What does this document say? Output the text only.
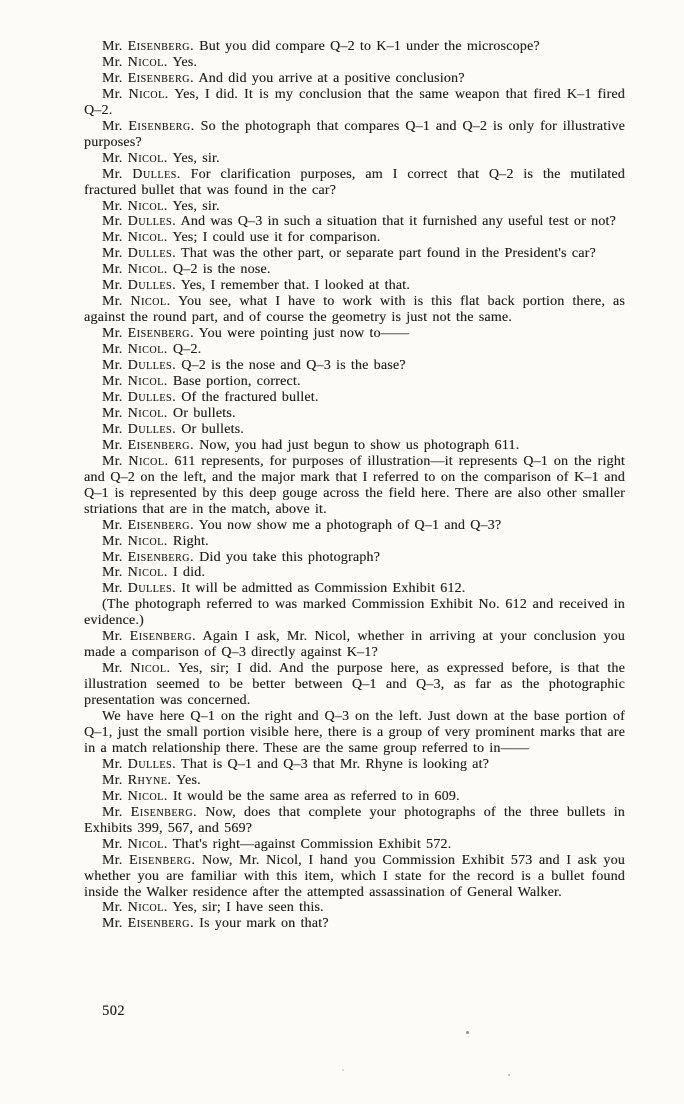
Mr. Eisenberg. But you did compare Q–2 to K–1 under the microscope?

Mr. Nicol. Yes.

Mr. Eisenberg. And did you arrive at a positive conclusion?

Mr. Nicol. Yes, I did. It is my conclusion that the same weapon that fired K–1 fired Q–2.

Mr. Eisenberg. So the photograph that compares Q–1 and Q–2 is only for illustrative purposes?

Mr. Nicol. Yes, sir.

Mr. Dulles. For clarification purposes, am I correct that Q–2 is the mutilated fractured bullet that was found in the car?

Mr. Nicol. Yes, sir.

Mr. Dulles. And was Q–3 in such a situation that it furnished any useful test or not?

Mr. Nicol. Yes; I could use it for comparison.

Mr. Dulles. That was the other part, or separate part found in the President's car?

Mr. Nicol. Q–2 is the nose.

Mr. Dulles. Yes, I remember that. I looked at that.

Mr. Nicol. You see, what I have to work with is this flat back portion there, as against the round part, and of course the geometry is just not the same.

Mr. Eisenberg. You were pointing just now to——

Mr. Nicol. Q–2.

Mr. Dulles. Q–2 is the nose and Q–3 is the base?

Mr. Nicol. Base portion, correct.

Mr. Dulles. Of the fractured bullet.

Mr. Nicol. Or bullets.

Mr. Dulles. Or bullets.

Mr. Eisenberg. Now, you had just begun to show us photograph 611.

Mr. Nicol. 611 represents, for purposes of illustration—it represents Q–1 on the right and Q–2 on the left, and the major mark that I referred to on the comparison of K–1 and Q–1 is represented by this deep gouge across the field here. There are also other smaller striations that are in the match, above it.

Mr. Eisenberg. You now show me a photograph of Q–1 and Q–3?

Mr. Nicol. Right.

Mr. Eisenberg. Did you take this photograph?

Mr. Nicol. I did.

Mr. Dulles. It will be admitted as Commission Exhibit 612.

(The photograph referred to was marked Commission Exhibit No. 612 and received in evidence.)

Mr. Eisenberg. Again I ask, Mr. Nicol, whether in arriving at your conclusion you made a comparison of Q–3 directly against K–1?

Mr. Nicol. Yes, sir; I did. And the purpose here, as expressed before, is that the illustration seemed to be better between Q–1 and Q–3, as far as the photographic presentation was concerned.

We have here Q–1 on the right and Q–3 on the left. Just down at the base portion of Q–1, just the small portion visible here, there is a group of very prominent marks that are in a match relationship there. These are the same group referred to in——

Mr. Dulles. That is Q–1 and Q–3 that Mr. Rhyne is looking at?

Mr. Rhyne. Yes.

Mr. Nicol. It would be the same area as referred to in 609.

Mr. Eisenberg. Now, does that complete your photographs of the three bullets in Exhibits 399, 567, and 569?

Mr. Nicol. That's right—against Commission Exhibit 572.

Mr. Eisenberg. Now, Mr. Nicol, I hand you Commission Exhibit 573 and I ask you whether you are familiar with this item, which I state for the record is a bullet found inside the Walker residence after the attempted assassination of General Walker.

Mr. Nicol. Yes, sir; I have seen this.

Mr. Eisenberg. Is your mark on that?

502
